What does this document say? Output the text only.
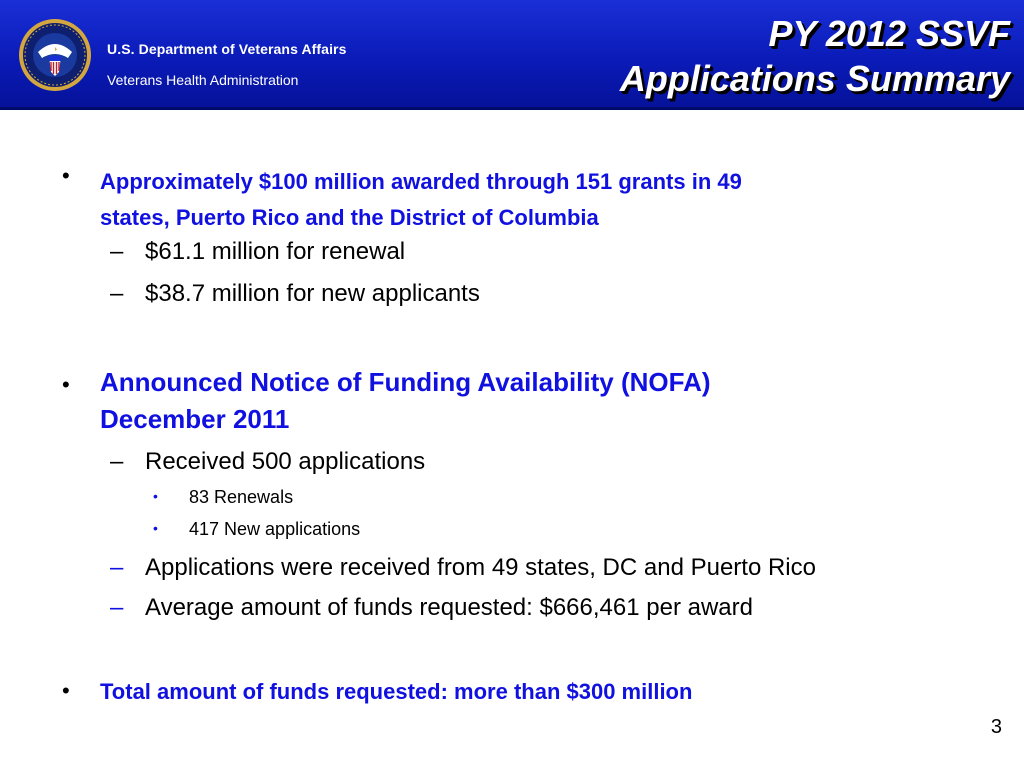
U.S. Department of Veterans Affairs
Veterans Health Administration
PY 2012 SSVF
Applications Summary
• Approximately $100 million awarded through 151 grants in 49
states, Puerto Rico and the District of Columbia
– $61.1 million for renewal
– $38.7 million for new applicants
• Announced Notice of Funding Availability (NOFA)
December 2011
– Received 500 applications
• 83 Renewals
• 417 New applications
– Applications were received from 49 states, DC and Puerto Rico
– Average amount of funds requested: $666,461 per award
• Total amount of funds requested: more than $300 million
3
